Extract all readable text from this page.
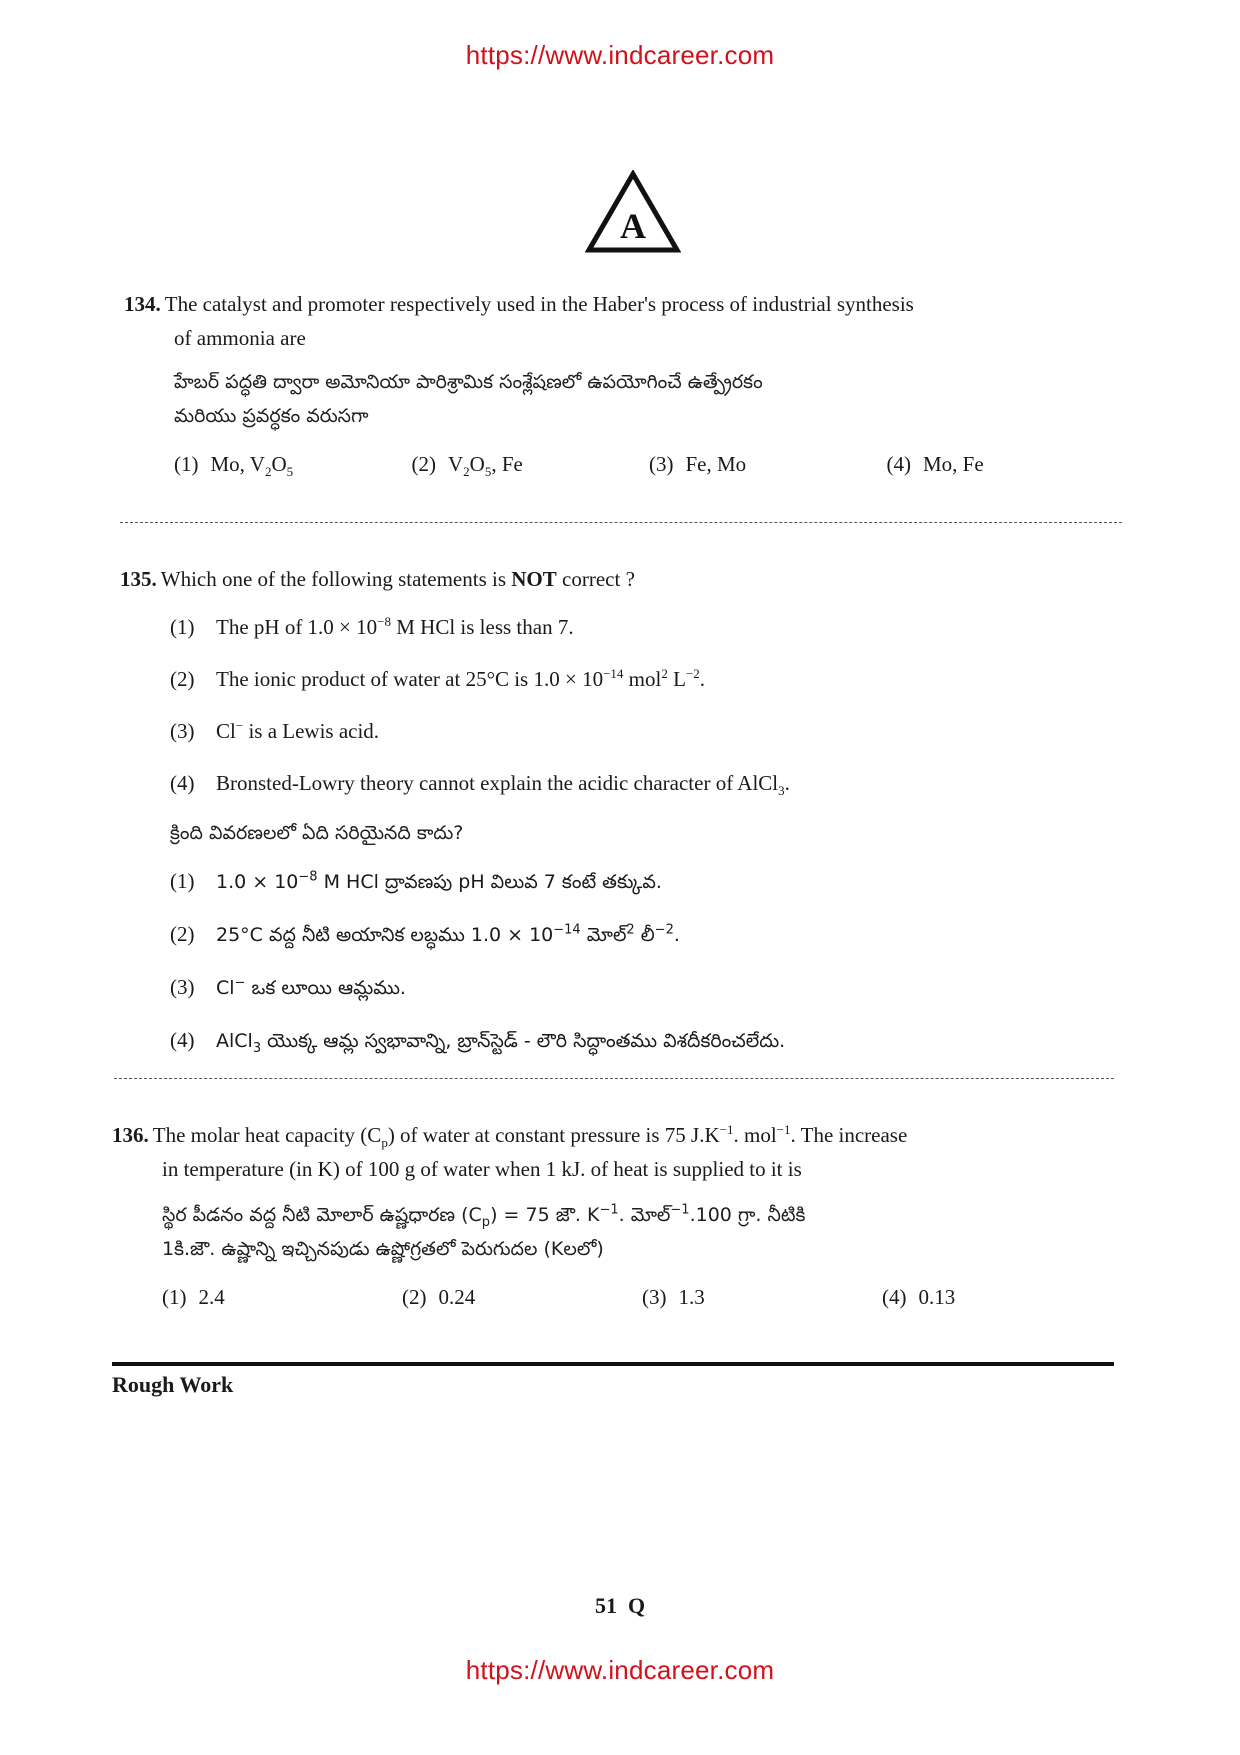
https://www.indcareer.com
A
134. The catalyst and promoter respectively used in the Haber's process of industrial synthesis
of ammonia are
హేబర్ పద్ధతి ద్వారా అమోనియా పారిశ్రామిక సంశ్లేషణలో ఉపయోగించే ఉత్ప్రేరకం
మరియు ప్రవర్ధకం వరుసగా
(1) Mo, $V_2O_5$	(2) $V_2O_5$, Fe	(3) Fe, Mo	(4) Mo, Fe
135. Which one of the following statements is NOT correct ?
(1) The pH of $1.0 \times 10^{-8}$ M HCl is less than 7.
(2) The ionic product of water at 25°C is $1.0 \times 10^{-14}$ mol$^2$ $L^{-2}$.
(3) Cl− is a Lewis acid.
(4) Bronsted-Lowry theory cannot explain the acidic character of AlCl$_3$.
క్రింది వివరణలలో ఏది సరియైనది కాదు?
(1) $1.0 \times 10^{-8}$ M HCl ద్రావణపు pH విలువ 7 కంటే తక్కువ.
(2) 25°C వద్ద నీటి అయానిక లబ్ధము $1.0 \times 10^{-14}$ మోల్$^2$ లీ$^{-2}$.
(3) Cl− ఒక లూయి ఆమ్లము.
(4) AlCl$_3$ యొక్క ఆమ్ల స్వభావాన్ని, బ్రాన్‌స్టెడ్ - లౌరి సిద్ధాంతము విశదీకరించలేదు.
136. The molar heat capacity $(C_p)$ of water at constant pressure is 75 $J.K^{-1}$. mol$^{-1}$. The increase
in temperature (in K) of 100 g of water when 1 kJ. of heat is supplied to it is
స్థిర పీడనం వద్ద నీటి మోలార్ ఉష్ణధారణ $(C_p) = 75$ జౌ. $K^{-1}$. మోల్$^{-1}$.100 గ్రా. నీటికి
1కి.జౌ. ఉష్ణాన్ని ఇచ్చినపుడు ఉష్ణోగ్రతలో పెరుగుదల (Kలలో)
(1) 2.4	(2) 0.24	(3) 1.3	(4) 0.13
Rough Work
51  Q
https://www.indcareer.com
